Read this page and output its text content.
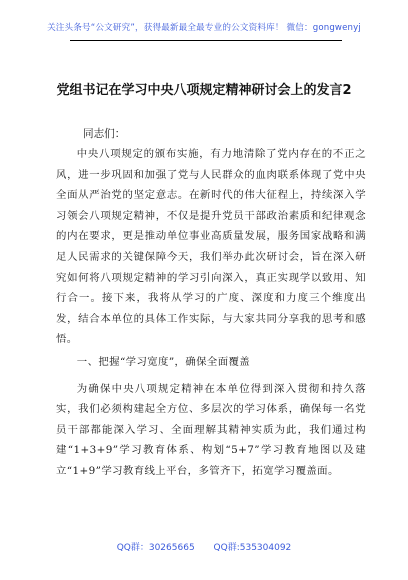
关注头条号“公文研究”，获得最新最全最专业的公文资料库！ 微信：gongwenyj
党组书记在学习中央八项规定精神研讨会上的发言2
同志们：

中央八项规定的颁布实施，有力地清除了党内存在的不正之风，进一步巩固和加强了党与人民群众的血肉联系体现了党中央全面从严治党的坚定意志。在新时代的伟大征程上，持续深入学习领会八项规定精神，不仅是提升党员干部政治素质和纪律观念的内在要求，更是推动单位事业高质量发展，服务国家战略和满足人民需求的关键保障今天，我们举办此次研讨会，旨在深入研究如何将八项规定精神的学习引向深入，真正实现学以致用、知行合一。接下来，我将从学习的广度、深度和力度三个维度出发，结合本单位的具体工作实际，与大家共同分享我的思考和感悟。

一、把握“学习宽度”，确保全面覆盖

为确保中央八项规定精神在本单位得到深入贯彻和持久落实，我们必须构建起全方位、多层次的学习体系，确保每一名党员干部都能深入学习、全面理解其精神实质为此，我们通过构建“1+3+9”学习教育体系、构划“5+7”学习教育地图以及建立“1+9”学习教育线上平台，多管齐下，拓宽学习覆盖面。

QQ群：30265665 QQ群:535304092
